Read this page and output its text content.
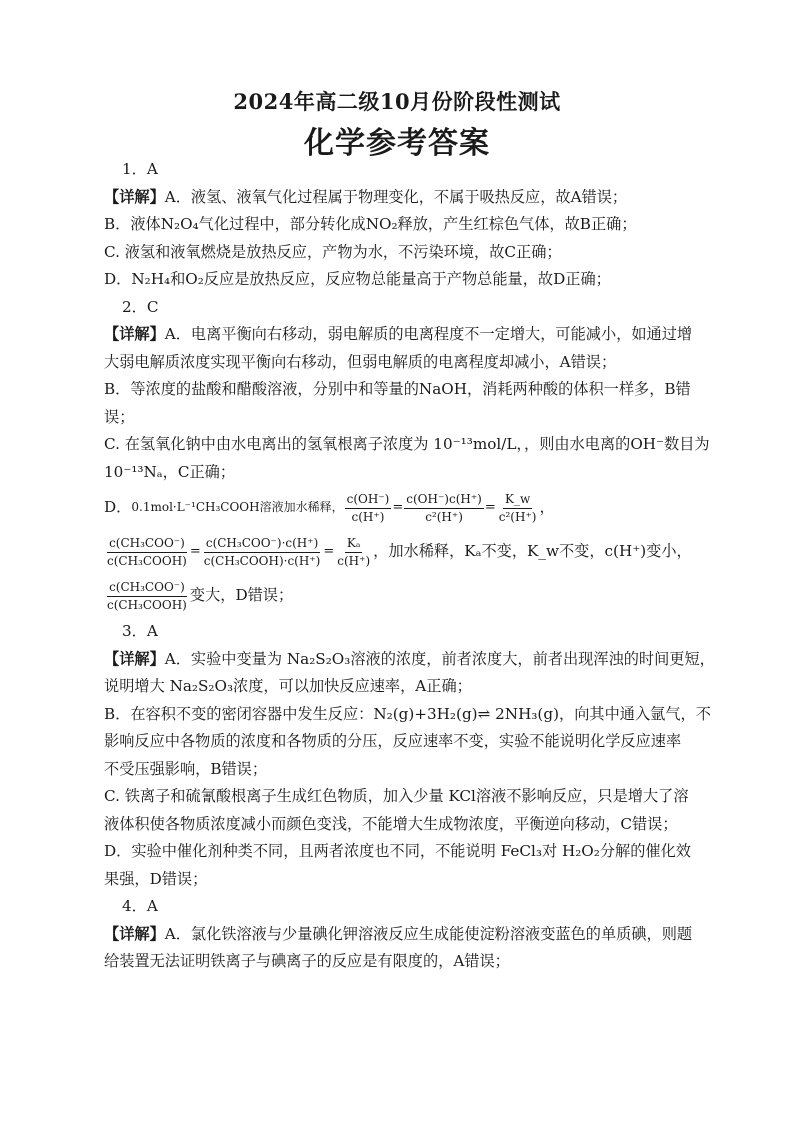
2024年高二级10月份阶段性测试
化学参考答案
1．A
【详解】A．液氢、液氧气化过程属于物理变化，不属于吸热反应，故A错误；
B．液体N₂O₄气化过程中，部分转化成NO₂释放，产生红棕色气体，故B正确；
C. 液氢和液氧燃烧是放热反应，产物为水，不污染环境，故C正确；
D．N₂H₄和O₂反应是放热反应，反应物总能量高于产物总能量，故D正确；
2．C
【详解】A．电离平衡向右移动，弱电解质的电离程度不一定增大，可能减小，如通过增
大弱电解质浓度实现平衡向右移动，但弱电解质的电离程度却减小，A错误；
B．等浓度的盐酸和醋酸溶液，分别中和等量的NaOH，消耗两种酸的体积一样多，B错
误；
C. 在氢氧化钠中由水电离出的氢氧根离子浓度为 10⁻¹³mol/L，，则由水电离的OH⁻数目为
10⁻¹³Nₐ，C正确；
D． 0.1mol·L⁻¹CH₃COOH溶液加水稀释， $\frac{c(OH^-)}{c(H^+)} = \frac{c(OH^-)c(H^+)}{\text{c²(H⁺)}} = \frac{K\_w}{\text{c²(H⁺)}}$ ，
$\frac{\text{c(CH₃COO⁻)}}{\text{c(CH₃COOH)}} = \frac{\text{c(CH₃COO⁻)·c(H⁺)}}{\text{c(CH₃COOH)·c(H⁺)}} = \frac{\text{Kₐ}}{c(H^+)}$ ，加水稀释，Kₐ不变，K_w不变，c(H⁺)变小，
$\frac{\text{c(CH₃COO⁻)}}{\text{c(CH₃COOH)}}$ 变大，D错误；
3．A
【详解】A．实验中变量为 Na₂S₂O₃溶液的浓度，前者浓度大，前者出现浑浊的时间更短，
说明增大 Na₂S₂O₃浓度，可以加快反应速率，A正确；
B．在容积不变的密闭容器中发生反应：N₂(g)+3H₂(g)⇌ 2NH₃(g)，向其中通入氩气，不
影响反应中各物质的浓度和各物质的分压，反应速率不变，实验不能说明化学反应速率
不受压强影响，B错误；
C. 铁离子和硫氰酸根离子生成红色物质，加入少量 KCl溶液不影响反应，只是增大了溶
液体积使各物质浓度减小而颜色变浅，不能增大生成物浓度，平衡逆向移动，C错误；
D．实验中催化剂种类不同，且两者浓度也不同，不能说明 FeCl₃对 H₂O₂分解的催化效
果强，D错误；
4．A
【详解】A．氯化铁溶液与少量碘化钾溶液反应生成能使淀粉溶液变蓝色的单质碘，则题
给装置无法证明铁离子与碘离子的反应是有限度的，A错误；
